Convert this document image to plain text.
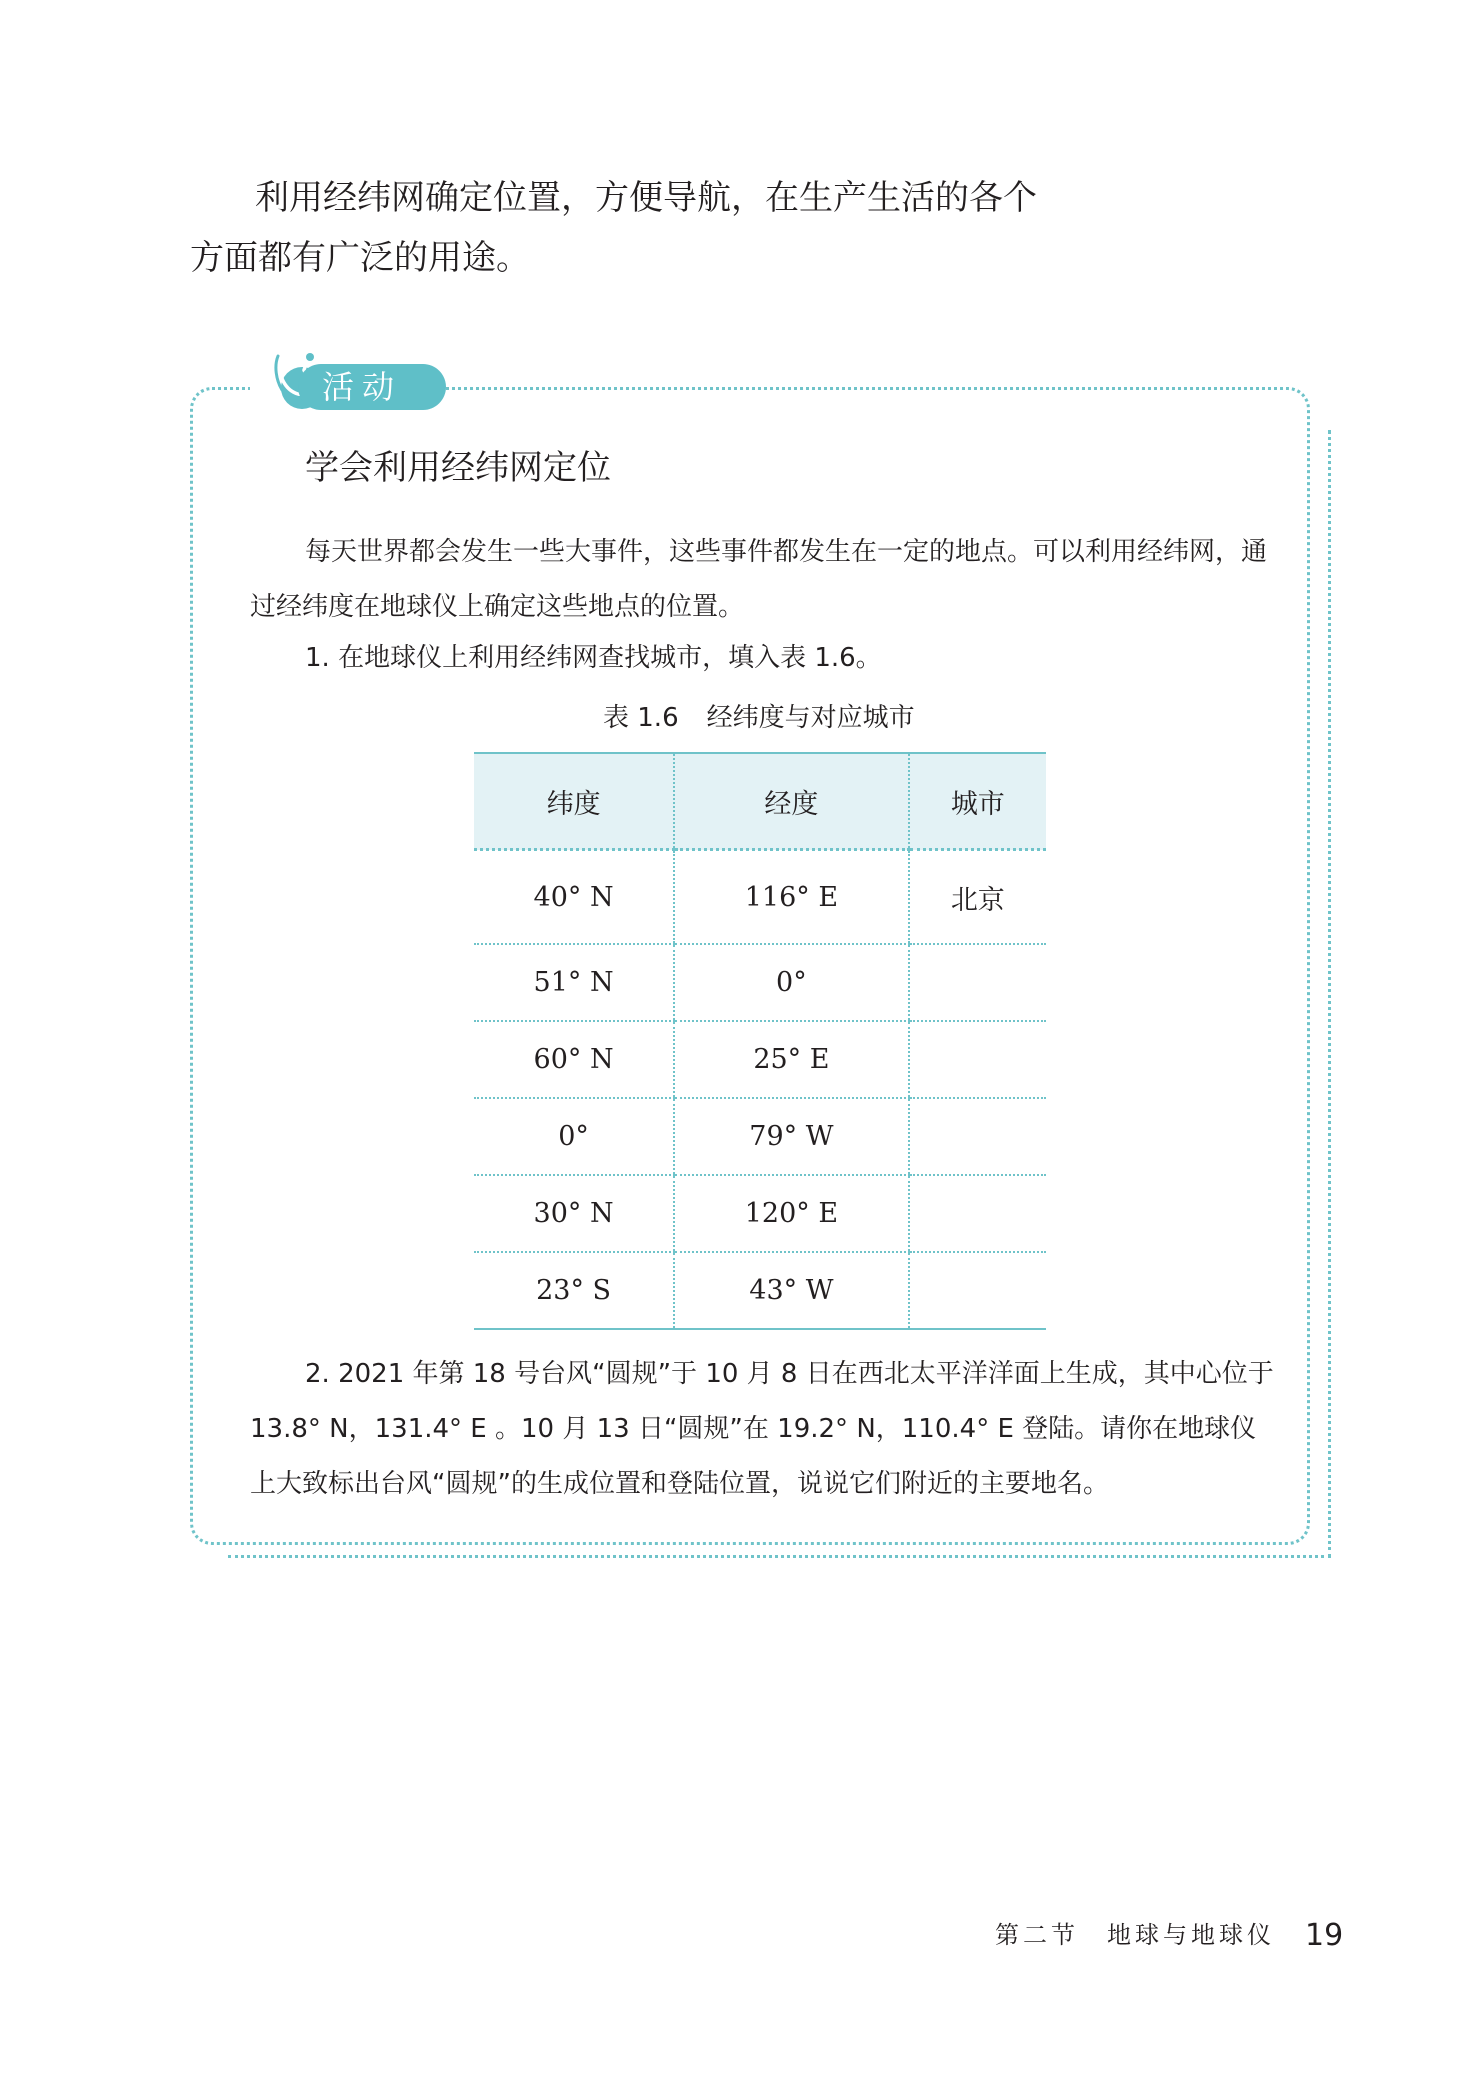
利用经纬网确定位置，方便导航，在生产生活的各个

方面都有广泛的用途。

活动
学会利用经纬网定位

每天世界都会发生一些大事件，这些事件都发生在一定的地点。可以利用经纬网，通过经纬度在地球仪上确定这些地点的位置。

1. 在地球仪上利用经纬网查找城市，填入表 1.6。
表 1.6 经纬度与对应城市
纬度	经度	城市
40° N	116° E	北京
51° N	0°	
60° N	25° E	
0°	79° W	
30° N	120° E	
23° S	43° W	

2. 2021 年第 18 号台风“圆规”于 10 月 8 日在西北太平洋洋面上生成，其中心位于 13.8° N，131.4° E 。10 月 13 日“圆规”在 19.2° N，110.4° E 登陆。请你在地球仪上大致标出台风“圆规”的生成位置和登陆位置，说说它们附近的主要地名。

第二节 地球与地球仪 19
